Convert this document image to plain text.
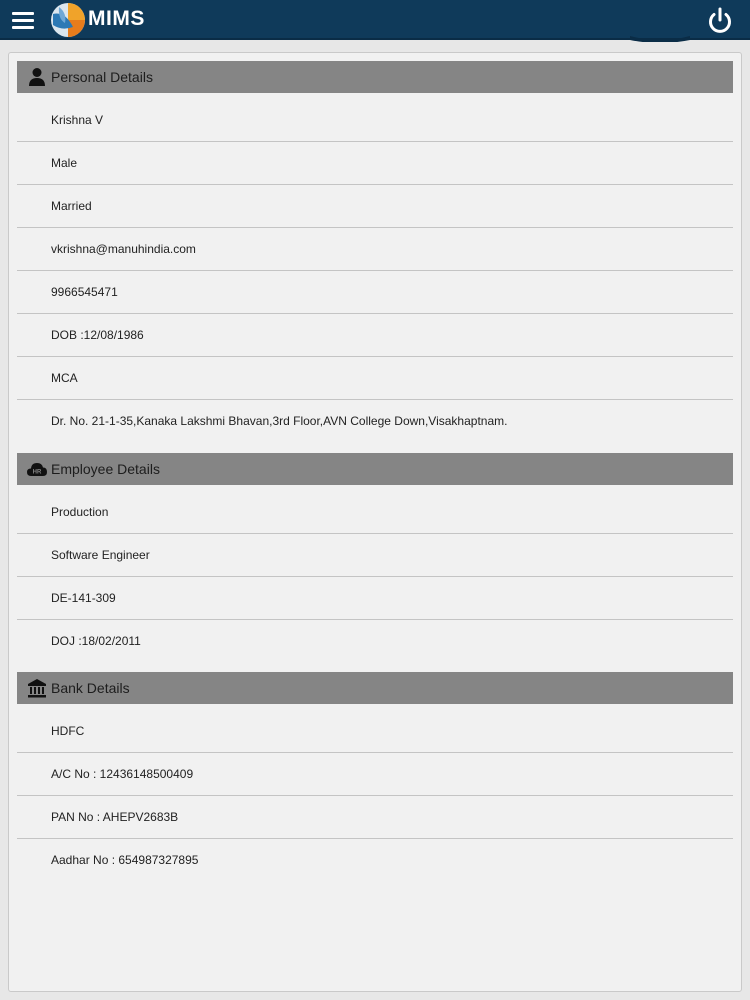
MIMS
Personal Details
Krishna V
Male
Married
vkrishna@manuhindia.com
9966545471
DOB :12/08/1986
MCA
Dr. No. 21-1-35,Kanaka Lakshmi Bhavan,3rd Floor,AVN College Down,Visakhaptnam.
HR Employee Details
Production
Software Engineer
DE-141-309
DOJ :18/02/2011
Bank Details
HDFC
A/C No : 12436148500409
PAN No : AHEPV2683B
Aadhar No : 654987327895
